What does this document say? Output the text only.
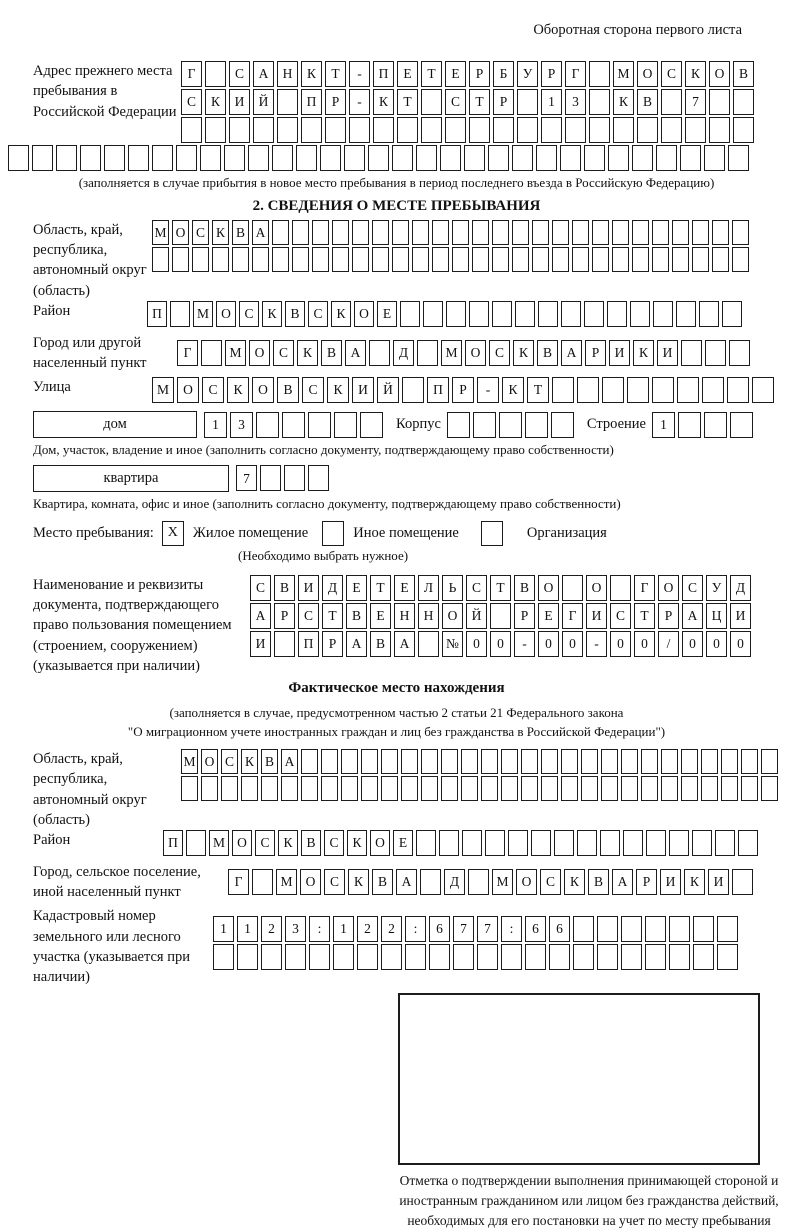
Оборотная сторона первого листа
Адрес прежнего места пребывания в Российской Федерации
Г	С	А	Н	К	Т	-	П	Е	Т	Е	Р	Б	У	Р	Г	М О	С	К	О	В
С	К	И	Й	П	Р	-	К	Т	С	Т	Р	1	3	К	В	7
(заполняется в случае прибытия в новое место пребывания в период последнего въезда в Российскую Федерацию)
2. СВЕДЕНИЯ О МЕСТЕ ПРЕБЫВАНИЯ
Область, край, республика, автономный округ (область)
М О С К В А
Район	П	М О	С	К	В	С	К	О	Е
Город или другой населенный пункт
Г	М О	С	К	В	А	Д	М О	С	К	В	А	Р	И	К	И
Улица	М	О	С	К	О	В	С	К	И	Й	П	Р	-	К	Т
дом	1	3	Корпус	Строение	1
Дом, участок, владение и иное (заполнить согласно документу, подтверждающему право собственности)
квартира	7
Квартира, комната, офис и иное (заполнить согласно документу, подтверждающему право собственности)
Место пребывания: X	Жилое помещение	Иное помещение	Организация
(Необходимо выбрать нужное)
Наименование и реквизиты документа, подтверждающего право пользования помещением (строением, сооружением) (указывается при наличии)
С	В	И	Д	Е	Т	Е	Л	Ь	С	Т	В	О	О	Г	О	С	У	Д
А	Р	С	Т	В	Е	Н	Н	О	Й	Р	Е	Г	И	С	Т	Р	А	Ц	И
И	П	Р	А	В	А	№	0	0	-	0	0	-	0	0	/	0	0	0
Фактическое место нахождения
(заполняется в случае, предусмотренном частью 2 статьи 21 Федерального закона
"О миграционном учете иностранных граждан и лиц без гражданства в Российской Федерации")
Область, край, республика, автономный округ (область)
М О С К В А
Район	П	М О	С	К	В	С	К	О	Е
Город, сельское поселение, иной населенный пункт
Г	М О	С	К	В	А	Д	М О	С	К	В	А	Р	И	К	И
Кадастровый номер земельного или лесного участка (указывается при наличии)
1	1	2	3	:	1	2	2	:	6	7	7	:	6	6
Отметка о подтверждении выполнения принимающей стороной и иностранным гражданином или лицом без гражданства действий, необходимых для его постановки на учет по месту пребывания
